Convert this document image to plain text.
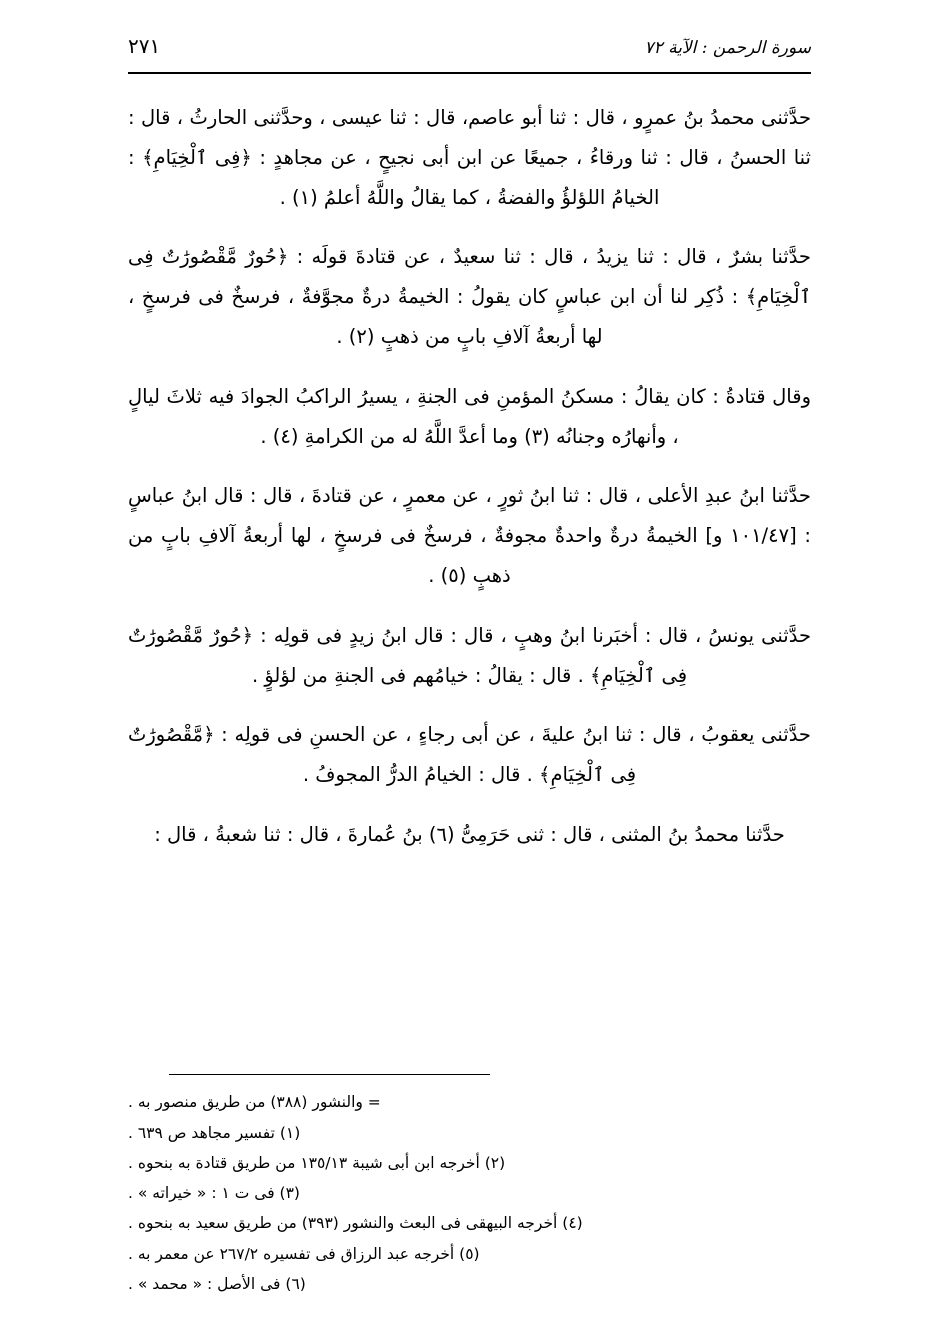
٢٧١	سورة الرحمن : الآية ٧٢

حدَّثنى محمدُ بنُ عمرٍو ، قال : ثنا أبو عاصم، قال : ثنا عيسى ، وحدَّثنى الحارثُ ، قال : ثنا الحسنُ ، قال : ثنا ورقاءُ ، جميعًا عن ابن أبى نجيحٍ ، عن مجاهدٍ : ﴿فِى ٱلْخِيَامِ﴾ : الخيامُ اللؤلؤُ والفضةُ ، كما يقالُ واللَّهُ أعلمُ (١) .

حدَّثنا بشرٌ ، قال : ثنا يزيدُ ، قال : ثنا سعيدٌ ، عن قتادةَ قولَه : ﴿حُورٌ مَّقْصُورَٰتٌ فِى ٱلْخِيَامِ﴾ : ذُكِر لنا أن ابن عباسٍ كان يقولُ : الخيمةُ درةٌ مجوَّفةٌ ، فرسخٌ فى فرسخٍ ، لها أربعةُ آلافِ بابٍ من ذهبٍ (٢) .

وقال قتادةُ : كان يقالُ : مسكنُ المؤمنِ فى الجنةِ ، يسيرُ الراكبُ الجوادَ فيه ثلاثَ ليالٍ ، وأنهارُه وجنانُه (٣) وما أعدَّ اللَّهُ له من الكرامةِ (٤) .

حدَّثنا ابنُ عبدِ الأعلى ، قال : ثنا ابنُ ثورٍ ، عن معمرٍ ، عن قتادةَ ، قال : قال ابنُ عباسٍ : [١٠١/٤٧ و] الخيمةُ درةٌ واحدةٌ مجوفةٌ ، فرسخٌ فى فرسخٍ ، لها أربعةُ آلافِ بابٍ من ذهبٍ (٥) .

حدَّثنى يونسُ ، قال : أخبَرنا ابنُ وهبٍ ، قال : قال ابنُ زيدٍ فى قولِه : ﴿حُورٌ مَّقْصُورَٰتٌ فِى ٱلْخِيَامِ﴾ . قال : يقالُ : خيامُهم فى الجنةِ من لؤلؤٍ .

حدَّثنى يعقوبُ ، قال : ثنا ابنُ عليةَ ، عن أبى رجاءٍ ، عن الحسنِ فى قولِه : ﴿مَّقْصُورَٰتٌ فِى ٱلْخِيَامِ﴾ . قال : الخيامُ الدرُّ المجوفُ .

حدَّثنا محمدُ بنُ المثنى ، قال : ثنى حَرَمِىُّ (٦) بنُ عُمارةَ ، قال : ثنا شعبةُ ، قال :

= والنشور (٣٨٨) من طريق منصور به .
(١) تفسير مجاهد ص ٦٣٩ .
(٢) أخرجه ابن أبى شيبة ١٣٥/١٣ من طريق قتادة به بنحوه .
(٣) فى ت ١ : « خيراته » .
(٤) أخرجه البيهقى فى البعث والنشور (٣٩٣) من طريق سعيد به بنحوه .
(٥) أخرجه عبد الرزاق فى تفسيره ٢٦٧/٢ عن معمر به .
(٦) فى الأصل : « محمد » .
